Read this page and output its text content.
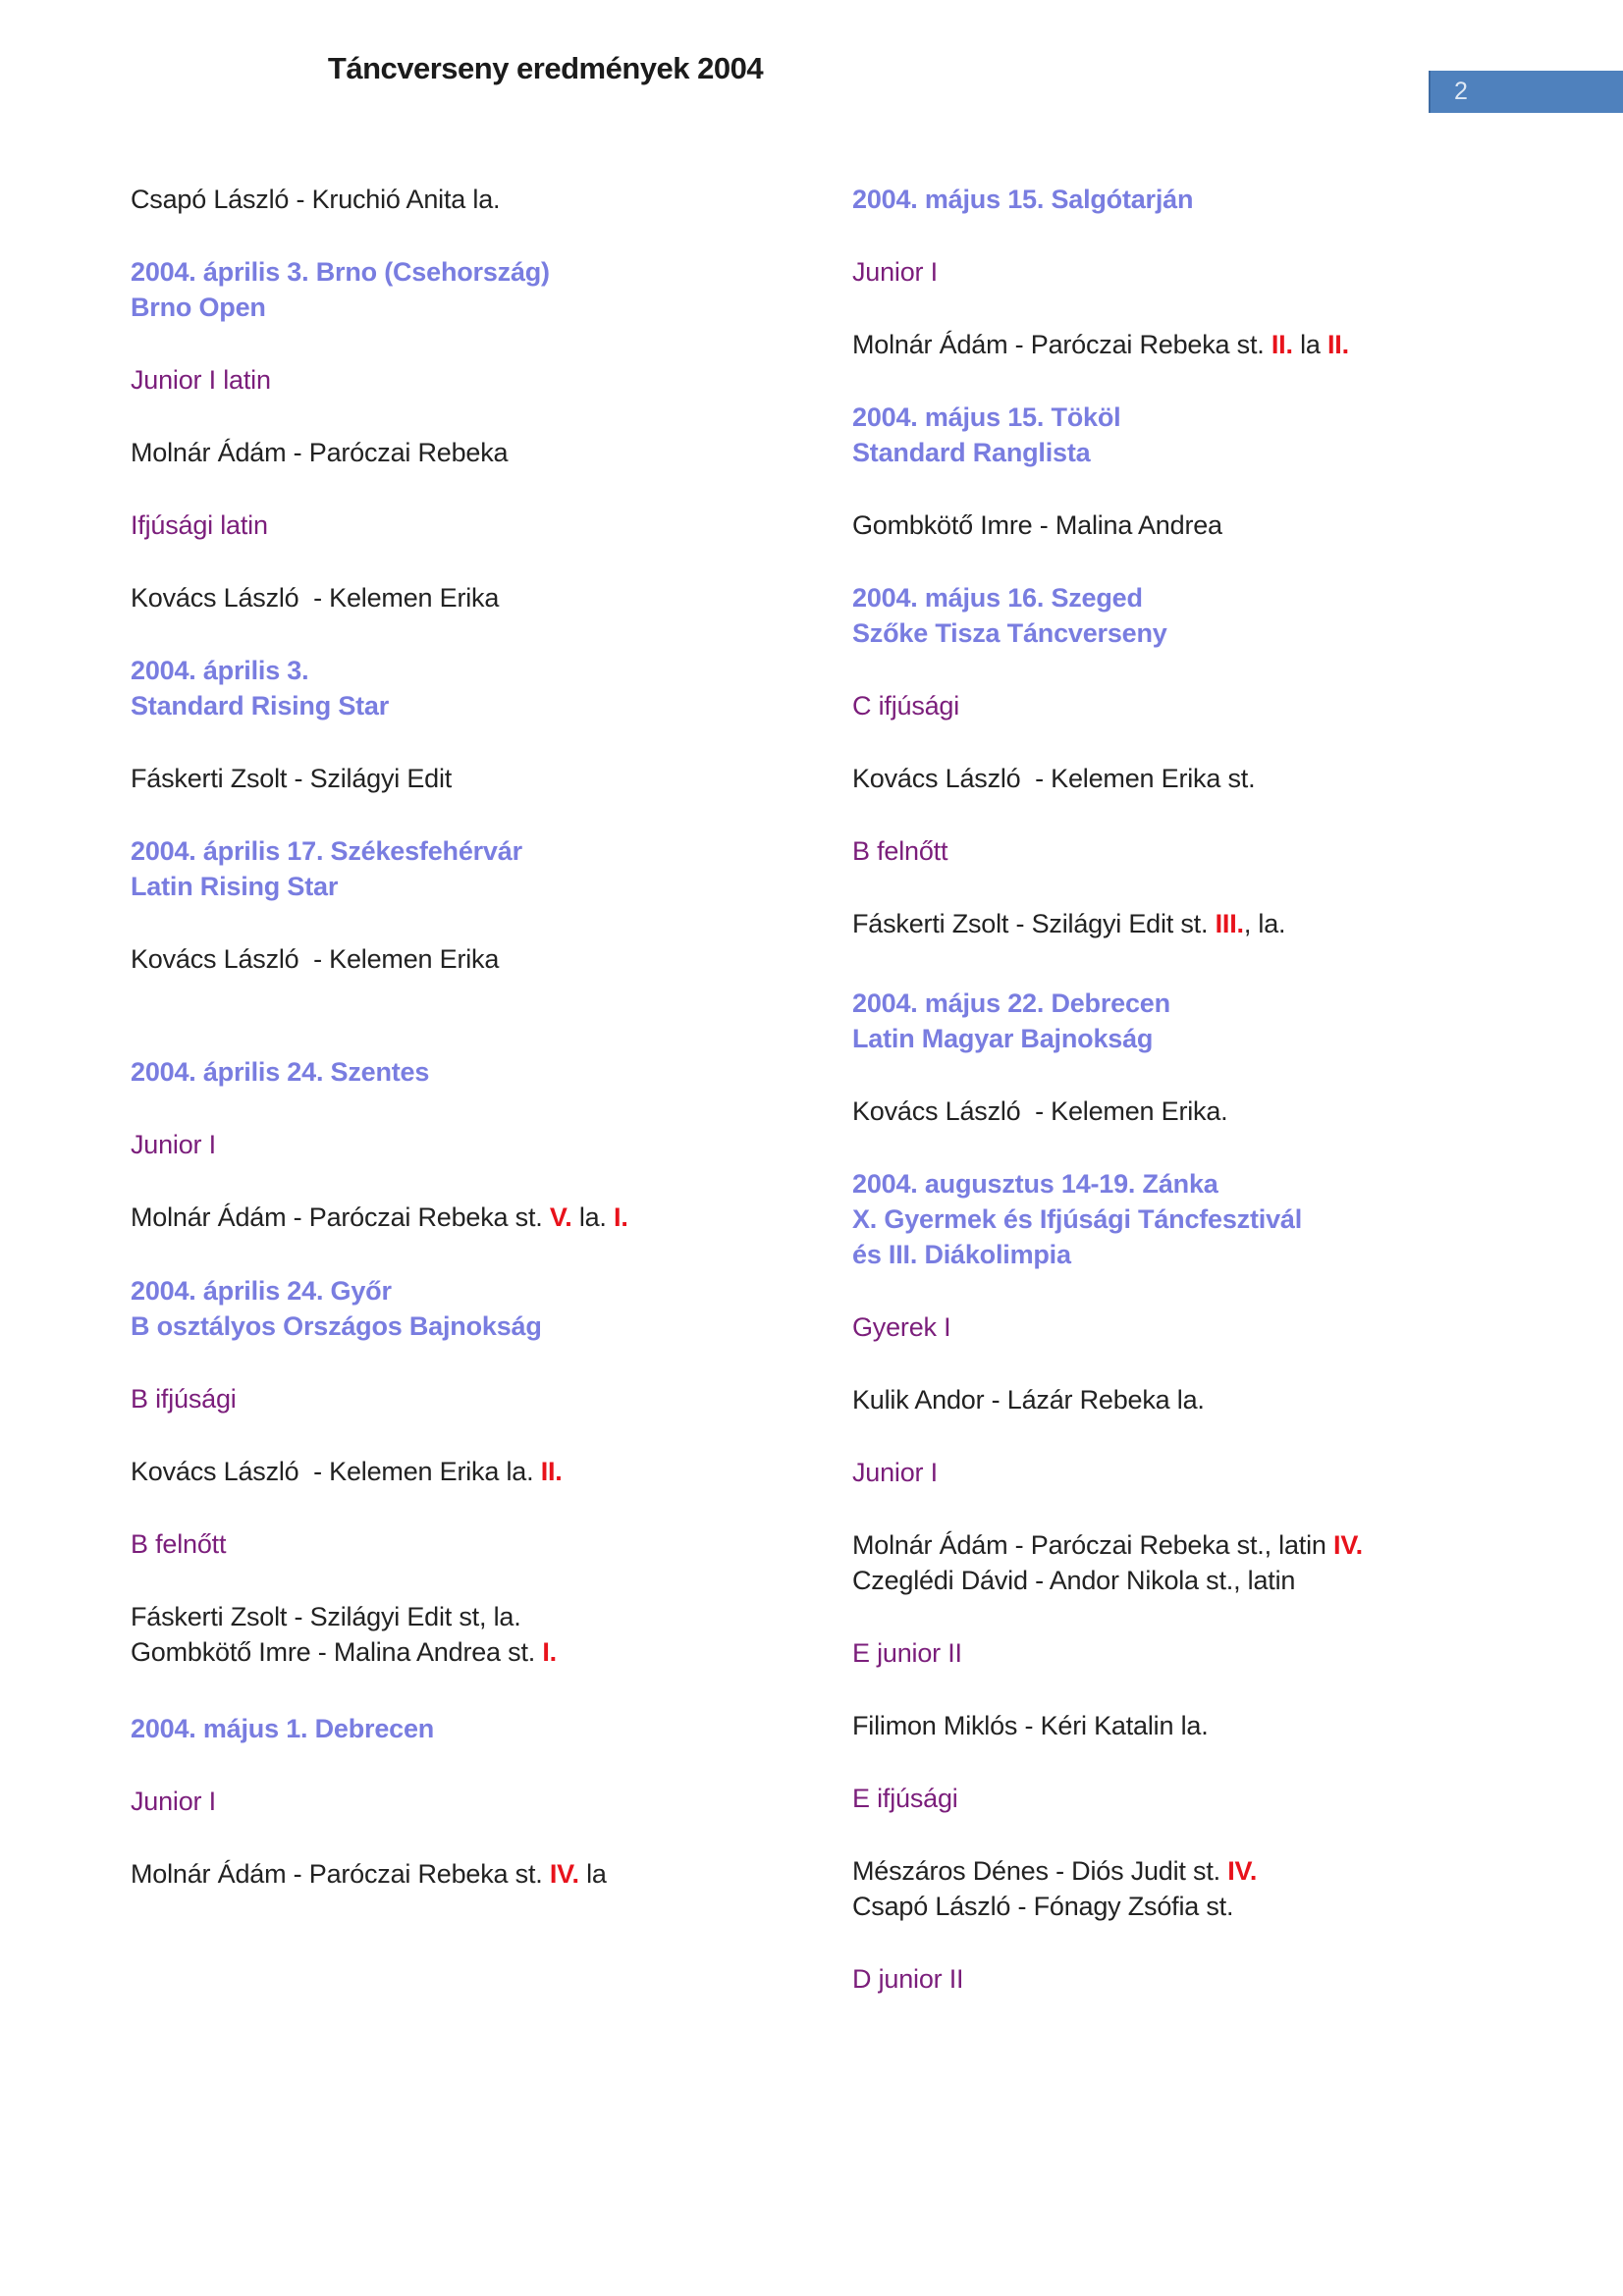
Táncverseny eredmények 2004
2
Csapó László - Kruchió Anita la.
2004. április 3. Brno (Csehország)
Brno Open
Junior I latin
Molnár Ádám - Paróczai Rebeka
Ifjúsági latin
Kovács László  - Kelemen Erika
2004. április 3.
Standard Rising Star
Fáskerti Zsolt - Szilágyi Edit
2004. április 17. Székesfehérvár
Latin Rising Star
Kovács László  - Kelemen Erika
2004. április 24. Szentes
Junior I
Molnár Ádám - Paróczai Rebeka st. V. la. I.
2004. április 24. Győr
B osztályos Országos Bajnokság
B ifjúsági
Kovács László  - Kelemen Erika la. II.
B felnőtt
Fáskerti Zsolt - Szilágyi Edit st, la.
Gombkötő Imre - Malina Andrea st. I.
2004. május 1. Debrecen
Junior I
Molnár Ádám - Paróczai Rebeka st. IV. la
2004. május 15. Salgótarján
Junior I
Molnár Ádám - Paróczai Rebeka st. II. la II.
2004. május 15. Tököl
Standard Ranglista
Gombkötő Imre - Malina Andrea
2004. május 16. Szeged
Szőke Tisza Táncverseny
C ifjúsági
Kovács László  - Kelemen Erika st.
B felnőtt
Fáskerti Zsolt - Szilágyi Edit st. III., la.
2004. május 22. Debrecen
Latin Magyar Bajnokság
Kovács László  - Kelemen Erika.
2004. augusztus 14-19. Zánka
X. Gyermek és Ifjúsági Táncfesztivál
és III. Diákolimpia
Gyerek I
Kulik Andor - Lázár Rebeka la.
Junior I
Molnár Ádám - Paróczai Rebeka st., latin IV.
Czeglédi Dávid - Andor Nikola st., latin
E junior II
Filimon Miklós - Kéri Katalin la.
E ifjúsági
Mészáros Dénes - Diós Judit st. IV.
Csapó László - Fónagy Zsófia st.
D junior II
